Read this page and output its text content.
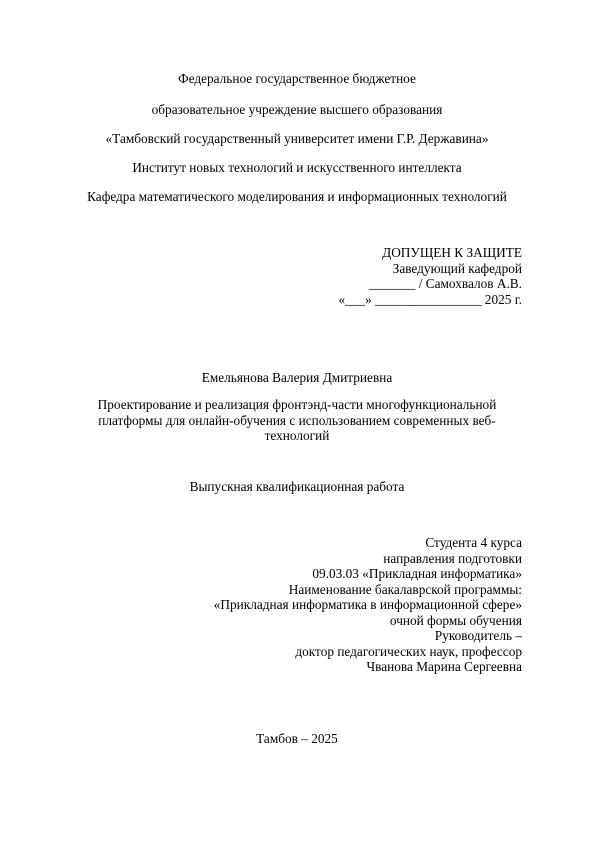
Федеральное государственное бюджетное
образовательное учреждение высшего образования
«Тамбовский государственный университет имени Г.Р. Державина»
Институт новых технологий и искусственного интеллекта
Кафедра математического моделирования и информационных технологий
ДОПУЩЕН К ЗАЩИТЕ
Заведующий кафедрой
_______ / Самохвалов А.В.
«___» ________________ 2025 г.
Емельянова Валерия Дмитриевна
Проектирование и реализация фронтэнд-части многофункциональной
платформы для онлайн-обучения с использованием современных веб-
технологий
Выпускная квалификационная работа
Студента 4 курса
направления подготовки
09.03.03 «Прикладная информатика»
Наименование бакалаврской программы:
«Прикладная информатика в информационной сфере»
очной формы обучения
Руководитель –
доктор педагогических наук, профессор
Чванова Марина Сергеевна
Тамбов – 2025
